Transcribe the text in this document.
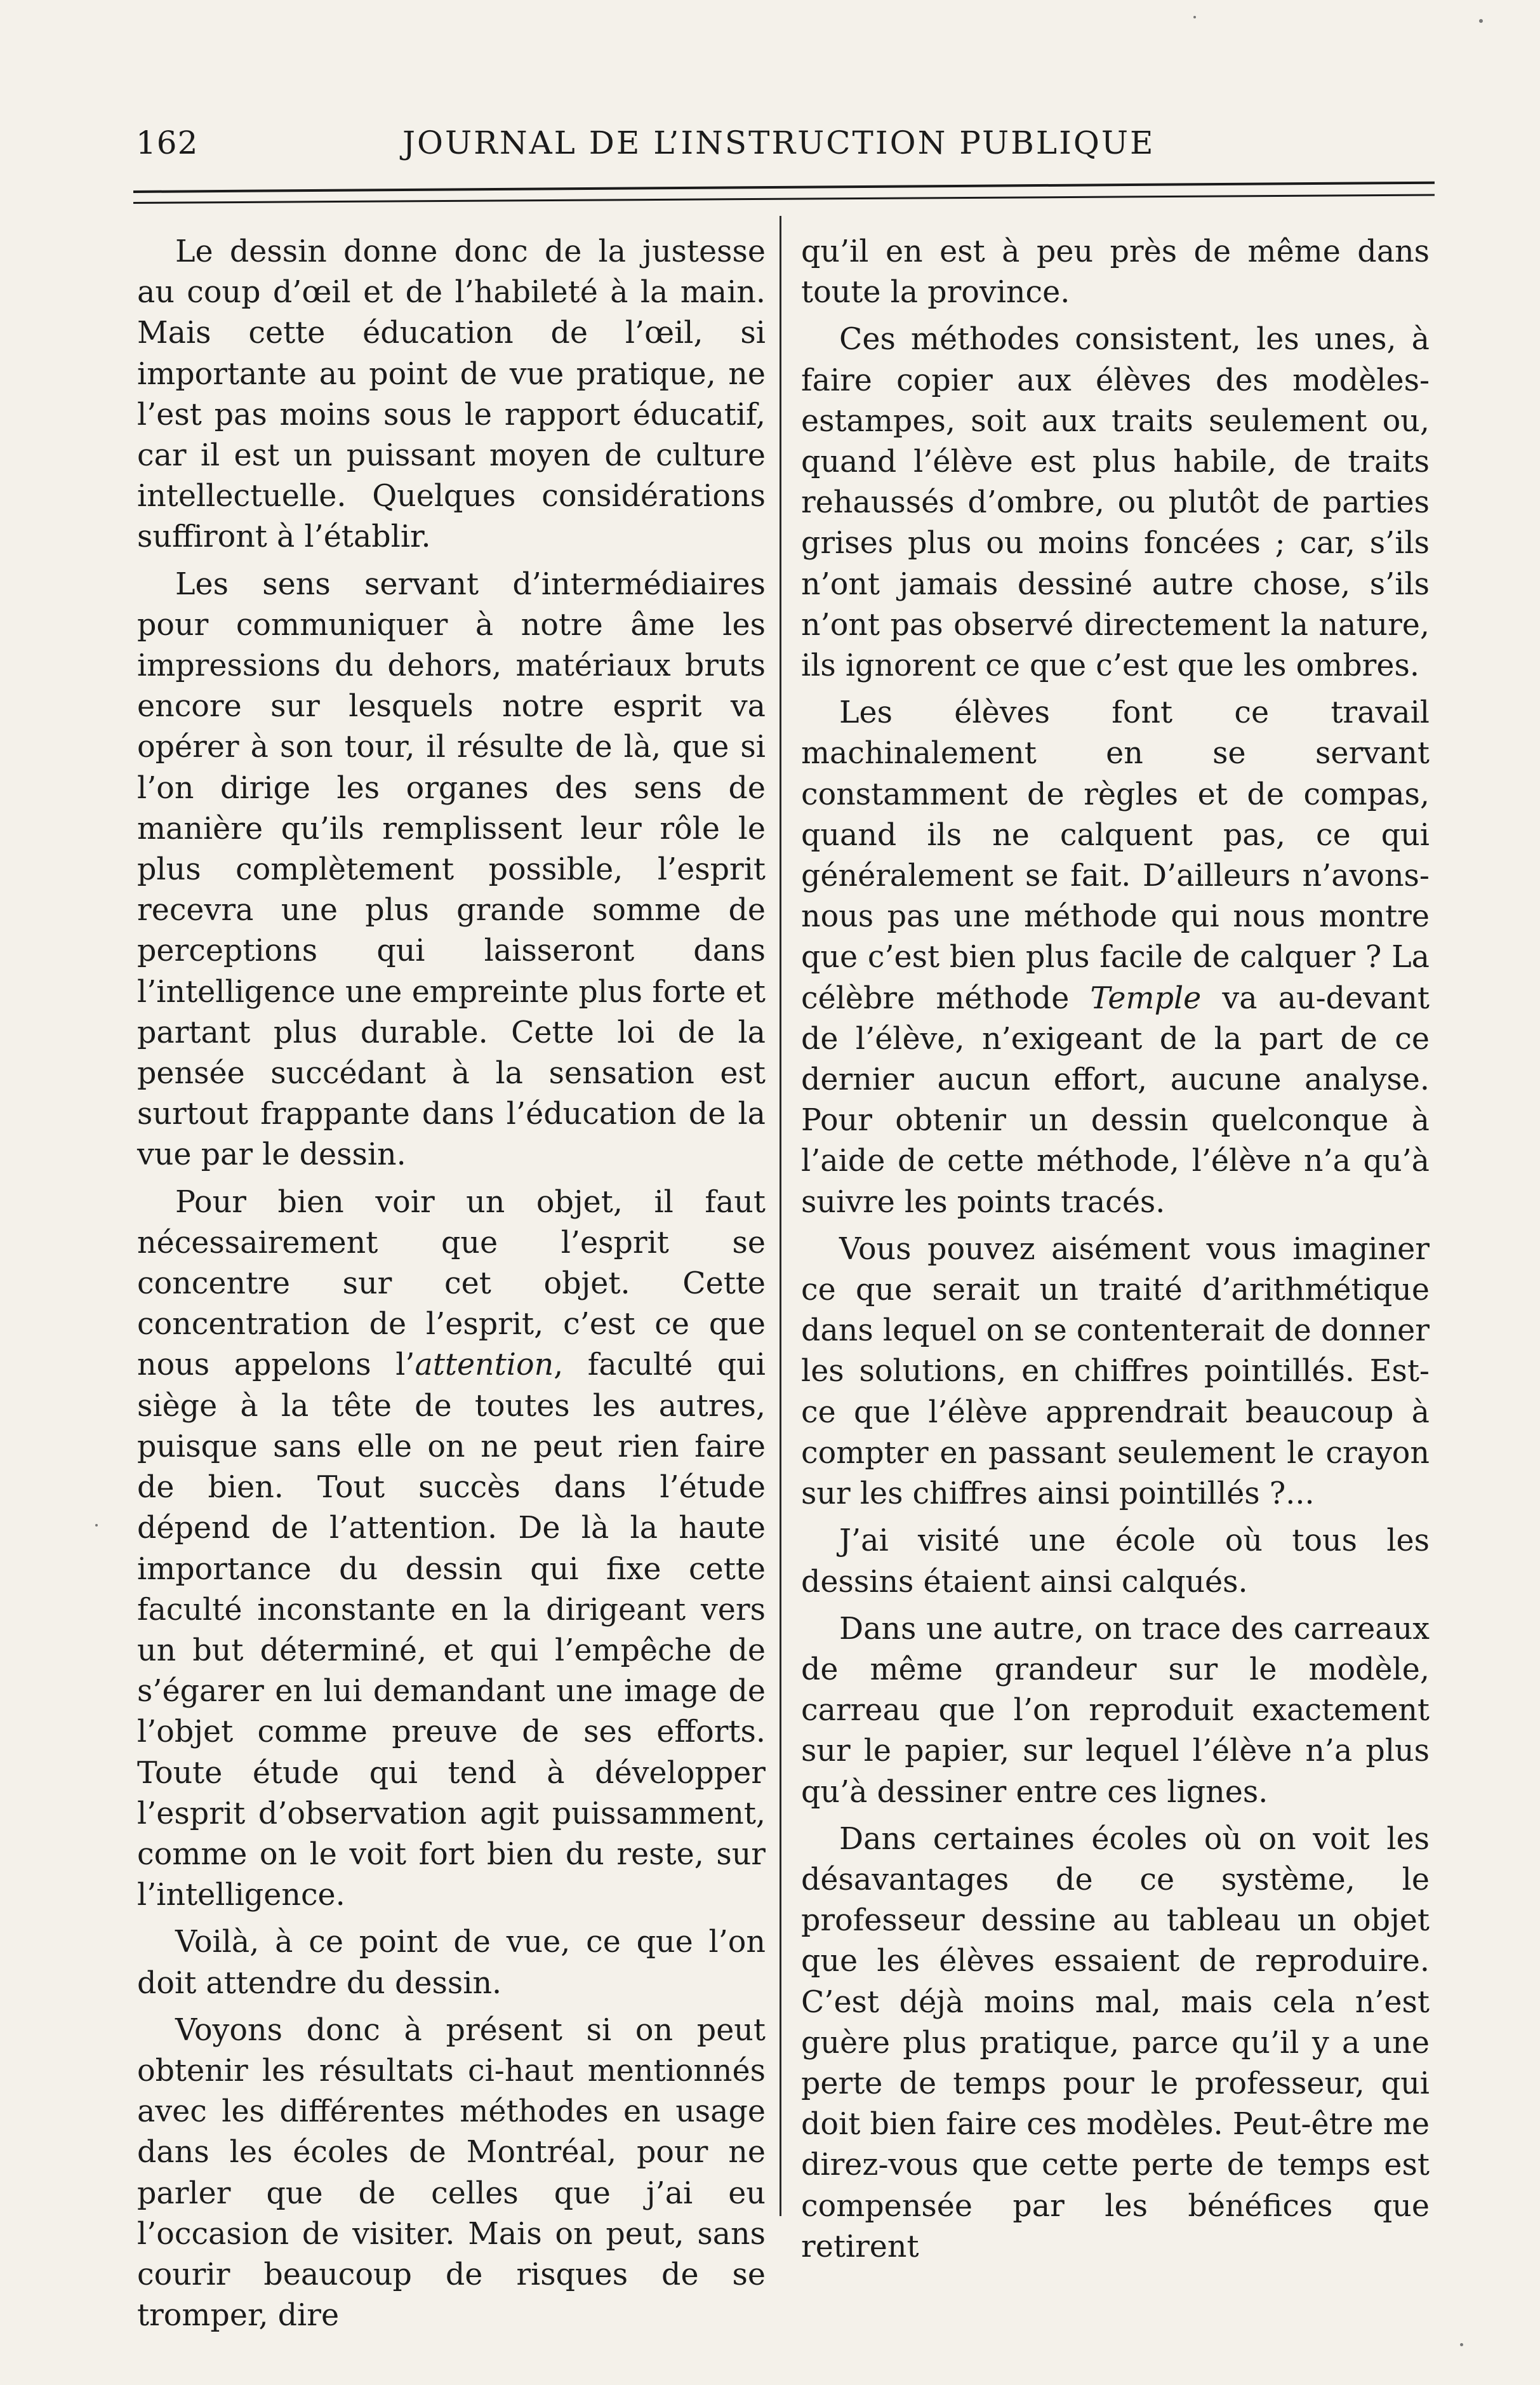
162	JOURNAL DE L’INSTRUCTION PUBLIQUE

Le dessin donne donc de la justesse au coup d’œil et de l’habileté à la main. Mais cette éducation de l’œil, si importante au point de vue pratique, ne l’est pas moins sous le rapport éducatif, car il est un puissant moyen de culture intellectuelle. Quelques considérations suffiront à l’établir.

Les sens servant d’intermédiaires pour communiquer à notre âme les impressions du dehors, matériaux bruts encore sur lesquels notre esprit va opérer à son tour, il résulte de là, que si l’on dirige les organes des sens de manière qu’ils remplissent leur rôle le plus complètement possible, l’esprit recevra une plus grande somme de perceptions qui laisseront dans l’intelligence une empreinte plus forte et partant plus durable. Cette loi de la pensée succédant à la sensation est surtout frappante dans l’éducation de la vue par le dessin.

Pour bien voir un objet, il faut nécessairement que l’esprit se concentre sur cet objet. Cette concentration de l’esprit, c’est ce que nous appelons l’attention, faculté qui siège à la tête de toutes les autres, puisque sans elle on ne peut rien faire de bien. Tout succès dans l’étude dépend de l’attention. De là la haute importance du dessin qui fixe cette faculté inconstante en la dirigeant vers un but déterminé, et qui l’empêche de s’égarer en lui demandant une image de l’objet comme preuve de ses efforts. Toute étude qui tend à développer l’esprit d’observation agit puissamment, comme on le voit fort bien du reste, sur l’intelligence.

Voilà, à ce point de vue, ce que l’on doit attendre du dessin.

Voyons donc à présent si on peut obtenir les résultats ci-haut mentionnés avec les différentes méthodes en usage dans les écoles de Montréal, pour ne parler que de celles que j’ai eu l’occasion de visiter. Mais on peut, sans courir beaucoup de risques de se tromper, dire

qu’il en est à peu près de même dans toute la province.

Ces méthodes consistent, les unes, à faire copier aux élèves des modèles-estampes, soit aux traits seulement ou, quand l’élève est plus habile, de traits rehaussés d’ombre, ou plutôt de parties grises plus ou moins foncées ; car, s’ils n’ont jamais dessiné autre chose, s’ils n’ont pas observé directement la nature, ils ignorent ce que c’est que les ombres.

Les élèves font ce travail machinalement en se servant constamment de règles et de compas, quand ils ne calquent pas, ce qui généralement se fait. D’ailleurs n’avons-nous pas une méthode qui nous montre que c’est bien plus facile de calquer ? La célèbre méthode Temple va au-devant de l’élève, n’exigeant de la part de ce dernier aucun effort, aucune analyse. Pour obtenir un dessin quelconque à l’aide de cette méthode, l’élève n’a qu’à suivre les points tracés.

Vous pouvez aisément vous imaginer ce que serait un traité d’arithmétique dans lequel on se contenterait de donner les solutions, en chiffres pointillés. Est-ce que l’élève apprendrait beaucoup à compter en passant seulement le crayon sur les chiffres ainsi pointillés ?...

J’ai visité une école où tous les dessins étaient ainsi calqués.

Dans une autre, on trace des carreaux de même grandeur sur le modèle, carreau que l’on reproduit exactement sur le papier, sur lequel l’élève n’a plus qu’à dessiner entre ces lignes.

Dans certaines écoles où on voit les désavantages de ce système, le professeur dessine au tableau un objet que les élèves essaient de reproduire. C’est déjà moins mal, mais cela n’est guère plus pratique, parce qu’il y a une perte de temps pour le professeur, qui doit bien faire ces modèles. Peut-être me direz-vous que cette perte de temps est compensée par les bénéfices que retirent
